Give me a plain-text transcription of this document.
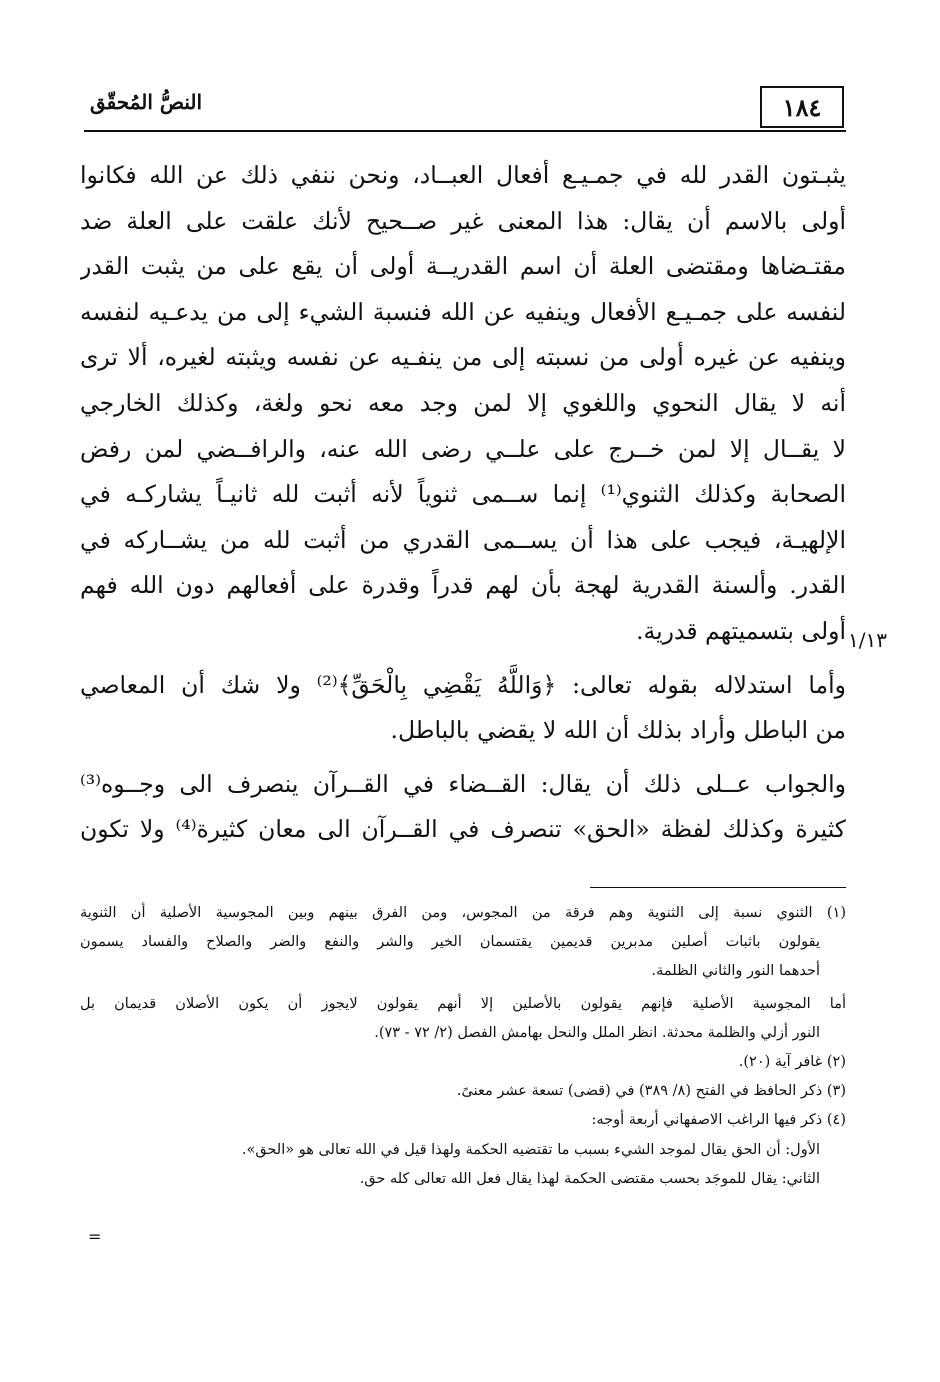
١٨٤
النصُّ المُحقّق
١/١٣
يثبـتون القدر لله في جمـيـع أفعال العبــاد، ونحن ننفي ذلك عن الله فكانوا
أولى بالاسم أن يقال: هذا المعنى غير صــحيح لأنك علقت على العلة ضد
مقتـضاها ومقتضى العلة أن اسم القدريــة أولى أن يقع على من يثبت القدر
لنفسه على جمـيـع الأفعال وينفيه عن الله فنسبة الشيء إلى من يدعـيه لنفسه
وينفيه عن غيره أولى من نسبته إلى من ينفـيه عن نفسه ويثبته لغيره، ألا ترى
أنه لا يقال النحوي واللغوي إلا لمن وجد معه نحو ولغة، وكذلك الخارجي
لا يقــال إلا لمن خــرج على علــي رضى الله عنه، والرافــضي لمن رفض
الصحابة وكذلك الثنوي⁽¹⁾ إنما ســمى ثنوياً لأنه أثبت لله ثانيـاً يشاركـه في
الإلهيـة، فيجب على هذا أن يســمى القدري من أثبت لله من يشــاركه في
القدر. وألسنة القدرية لهجة بأن لهم قدراً وقدرة على أفعالهم دون الله فهم
أولى بتسميتهم قدرية.
وأما استدلاله بقوله تعالى: ﴿وَاللَّهُ يَقْضِي بِالْحَقِّ﴾⁽²⁾ ولا شك أن المعاصي
من الباطل وأراد بذلك أن الله لا يقضي بالباطل.
والجواب عــلى ذلك أن يقال: القــضاء في القــرآن ينصرف الى وجــوه⁽³⁾
كثيرة وكذلك لفظة «الحق» تنصرف في القــرآن الى معان كثيرة⁽⁴⁾ ولا تكون
(١) الثنوي نسبة إلى الثنوية وهم فرقة من المجوس، ومن الفرق بينهم وبين المجوسية الأصلية أن الثنوية
يقولون باثبات أصلين مدبرين قديمين يقتسمان الخير والشر والنفع والضر والصلاح والفساد يسمون
أحدهما النور والثاني الظلمة.
أما المجوسية الأصلية فإنهم يقولون بالأصلين إلا أنهم يقولون لايجوز أن يكون الأصلان قديمان بل
النور أزلي والظلمة محدثة. انظر الملل والنحل بهامش الفصل (٢/ ٧٢ - ٧٣).
(٢) غافر آية (٢٠).
(٣) ذكر الحافظ في الفتح (٨/ ٣٨٩) في (قضى) تسعة عشر معنىً.
(٤) ذكر فيها الراغب الاصفهاني أربعة أوجه:
الأول: أن الحق يقال لموجد الشيء بسبب ما تقتضيه الحكمة ولهذا قيل في الله تعالى هو «الحق».
الثاني: يقال للموجَد بحسب مقتضى الحكمة لهذا يقال فعل الله تعالى كله حق.
=
